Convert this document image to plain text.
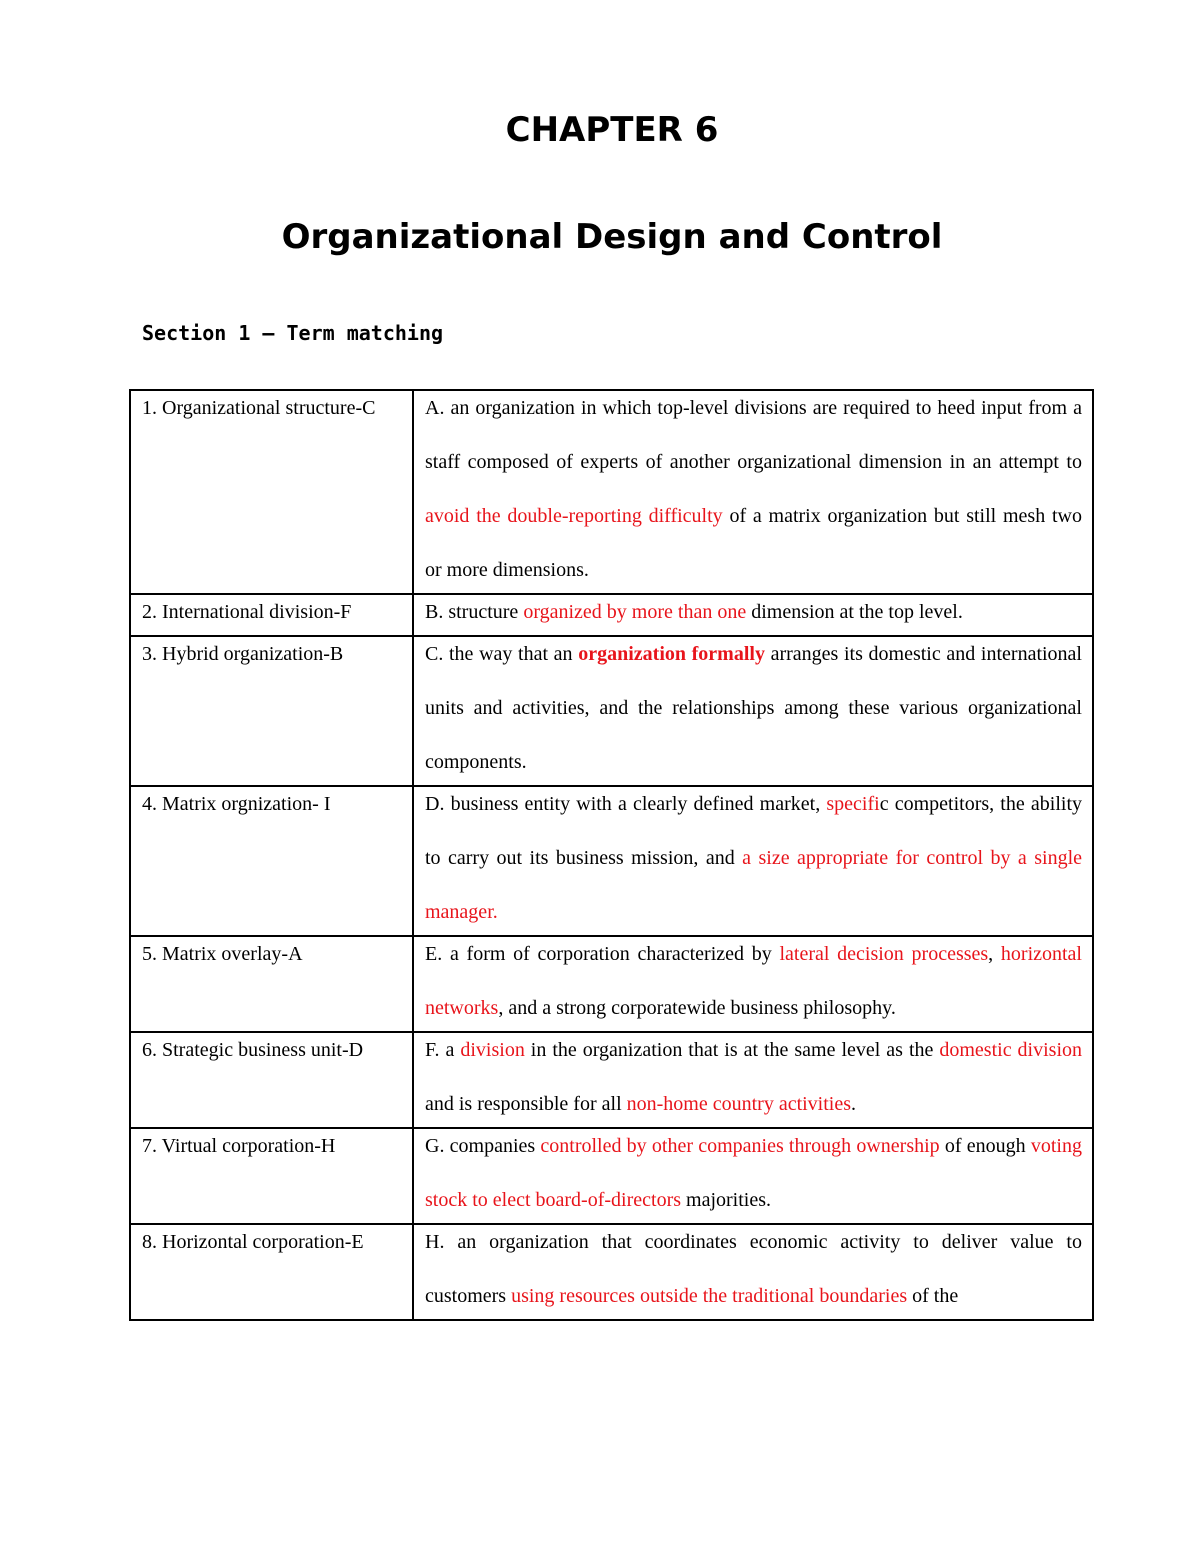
CHAPTER 6
Organizational Design and Control
Section 1 – Term matching
1. Organizational structure-C	A. an organization in which top-level divisions are required to heed input from a staff composed of experts of another organizational dimension in an attempt to avoid the double-reporting difficulty of a matrix organization but still mesh two or more dimensions.

2. International division-F	B. structure organized by more than one dimension at the top level.

3. Hybrid organization-B	C. the way that an organization formally arranges its domestic and international units and activities, and the relationships among these various organizational components.

4. Matrix orgnization- I	D. business entity with a clearly defined market, specific competitors, the ability to carry out its business mission, and a size appropriate for control by a single manager.

5. Matrix overlay-A	E. a form of corporation characterized by lateral decision processes, horizontal networks, and a strong corporatewide business philosophy.

6. Strategic business unit-D	F. a division in the organization that is at the same level as the domestic division and is responsible for all non-home country activities.

7. Virtual corporation-H	G. companies controlled by other companies through ownership of enough voting stock to elect board-of-directors majorities.

8. Horizontal corporation-E	H. an organization that coordinates economic activity to deliver value to customers using resources outside the traditional boundaries of the
